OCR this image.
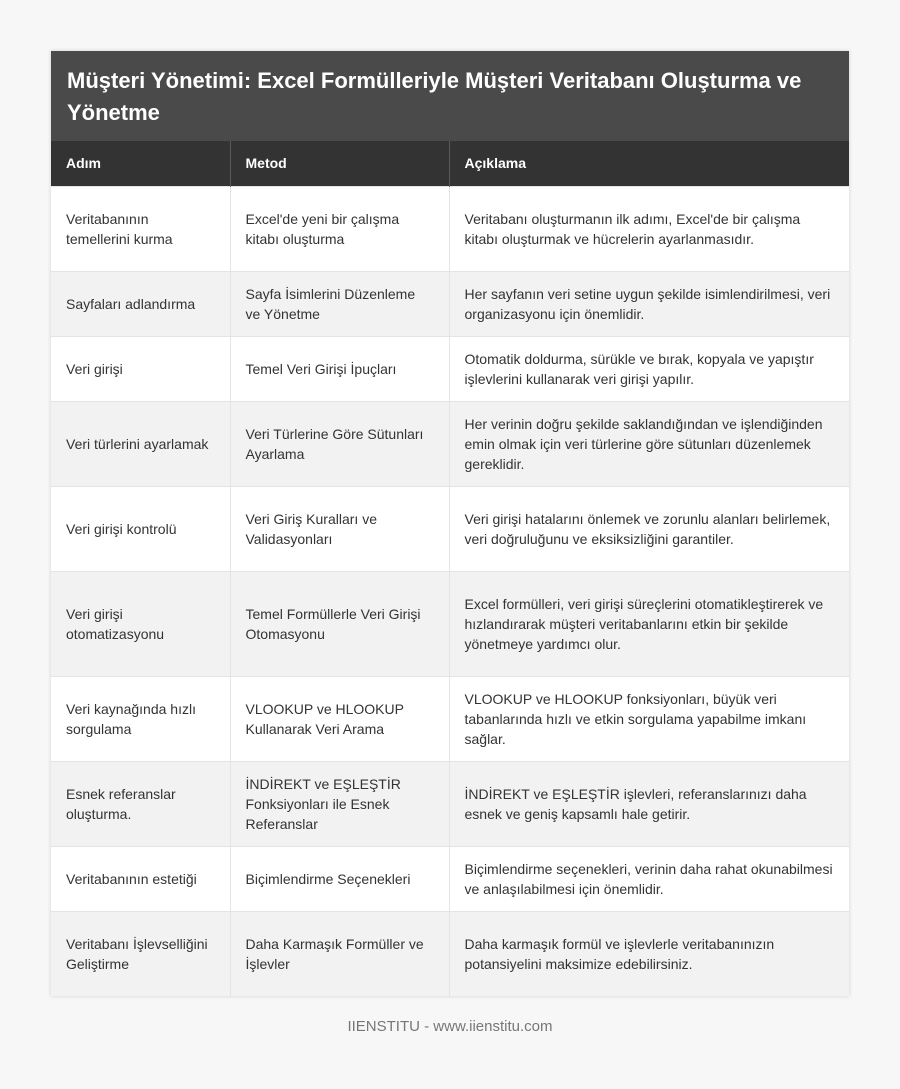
Müşteri Yönetimi: Excel Formülleriyle Müşteri Veritabanı Oluşturma ve Yönetme
Adım	Metod	Açıklama
Veritabanının temellerini kurma	Excel'de yeni bir çalışma kitabı oluşturma	Veritabanı oluşturmanın ilk adımı, Excel'de bir çalışma kitabı oluşturmak ve hücrelerin ayarlanmasıdır.
Sayfaları adlandırma	Sayfa İsimlerini Düzenleme ve Yönetme	Her sayfanın veri setine uygun şekilde isimlendirilmesi, veri organizasyonu için önemlidir.
Veri girişi	Temel Veri Girişi İpuçları	Otomatik doldurma, sürükle ve bırak, kopyala ve yapıştır işlevlerini kullanarak veri girişi yapılır.
Veri türlerini ayarlamak	Veri Türlerine Göre Sütunları Ayarlama	Her verinin doğru şekilde saklandığından ve işlendiğinden emin olmak için veri türlerine göre sütunları düzenlemek gereklidir.
Veri girişi kontrolü	Veri Giriş Kuralları ve Validasyonları	Veri girişi hatalarını önlemek ve zorunlu alanları belirlemek, veri doğruluğunu ve eksiksizliğini garantiler.
Veri girişi otomatizasyonu	Temel Formüllerle Veri Girişi Otomasyonu	Excel formülleri, veri girişi süreçlerini otomatikleştirerek ve hızlandırarak müşteri veritabanlarını etkin bir şekilde yönetmeye yardımcı olur.
Veri kaynağında hızlı sorgulama	VLOOKUP ve HLOOKUP Kullanarak Veri Arama	VLOOKUP ve HLOOKUP fonksiyonları, büyük veri tabanlarında hızlı ve etkin sorgulama yapabilme imkanı sağlar.
Esnek referanslar oluşturma.	İNDİREKT ve EŞLEŞTİR Fonksiyonları ile Esnek Referanslar	İNDİREKT ve EŞLEŞTİR işlevleri, referanslarınızı daha esnek ve geniş kapsamlı hale getirir.
Veritabanının estetiği	Biçimlendirme Seçenekleri	Biçimlendirme seçenekleri, verinin daha rahat okunabilmesi ve anlaşılabilmesi için önemlidir.
Veritabanı İşlevselliğini Geliştirme	Daha Karmaşık Formüller ve İşlevler	Daha karmaşık formül ve işlevlerle veritabanınızın potansiyelini maksimize edebilirsiniz.
IIENSTITU - www.iienstitu.com
